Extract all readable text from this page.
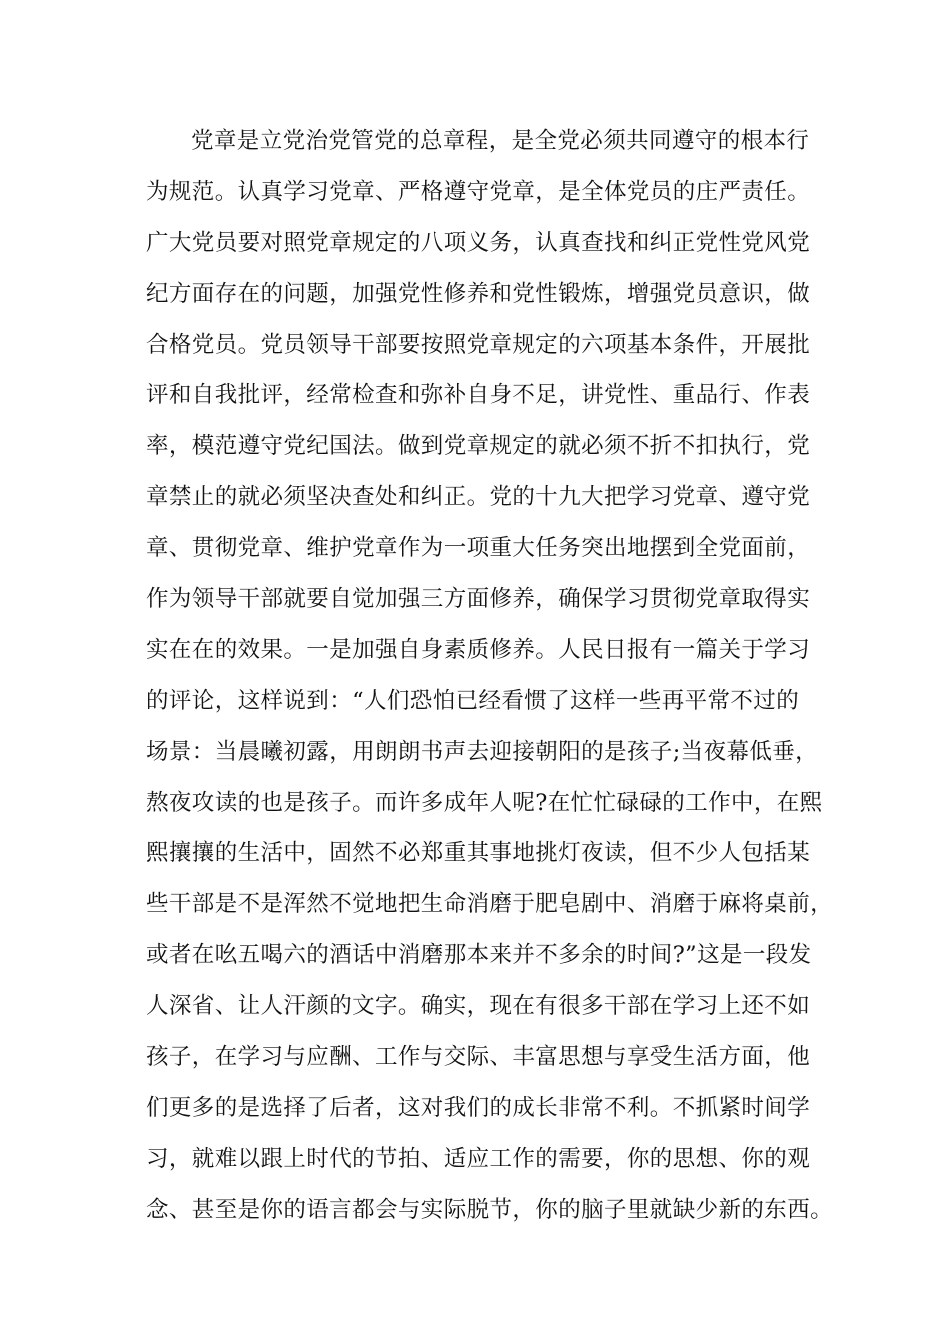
党章是立党治党管党的总章程，是全党必须共同遵守的根本行
为规范。认真学习党章、严格遵守党章，是全体党员的庄严责任。
广大党员要对照党章规定的八项义务，认真查找和纠正党性党风党
纪方面存在的问题，加强党性修养和党性锻炼，增强党员意识，做
合格党员。党员领导干部要按照党章规定的六项基本条件，开展批
评和自我批评，经常检查和弥补自身不足，讲党性、重品行、作表
率，模范遵守党纪国法。做到党章规定的就必须不折不扣执行，党
章禁止的就必须坚决查处和纠正。党的十九大把学习党章、遵守党
章、贯彻党章、维护党章作为一项重大任务突出地摆到全党面前，
作为领导干部就要自觉加强三方面修养，确保学习贯彻党章取得实
实在在的效果。一是加强自身素质修养。人民日报有一篇关于学习
的评论，这样说到：“人们恐怕已经看惯了这样一些再平常不过的
场景：当晨曦初露，用朗朗书声去迎接朝阳的是孩子;当夜幕低垂，
熬夜攻读的也是孩子。而许多成年人呢?在忙忙碌碌的工作中，在熙
熙攘攘的生活中，固然不必郑重其事地挑灯夜读，但不少人包括某
些干部是不是浑然不觉地把生命消磨于肥皂剧中、消磨于麻将桌前，
或者在吆五喝六的酒话中消磨那本来并不多余的时间?”这是一段发
人深省、让人汗颜的文字。确实，现在有很多干部在学习上还不如
孩子，在学习与应酬、工作与交际、丰富思想与享受生活方面，他
们更多的是选择了后者，这对我们的成长非常不利。不抓紧时间学
习，就难以跟上时代的节拍、适应工作的需要，你的思想、你的观
念、甚至是你的语言都会与实际脱节，你的脑子里就缺少新的东西。
